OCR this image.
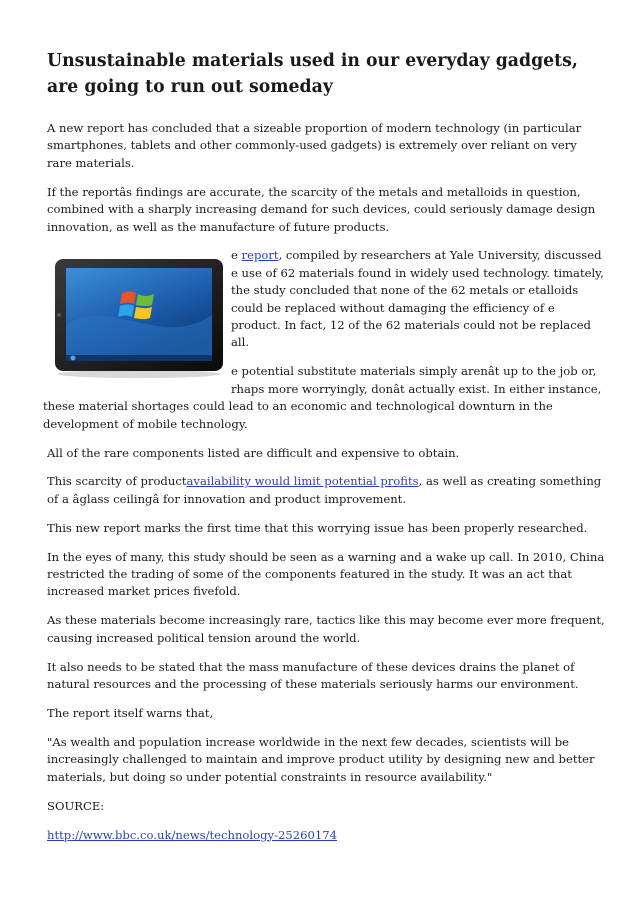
Unsustainable materials used in our everyday gadgets, are going to run out someday

A new report has concluded that a sizeable proportion of modern technology (in particular smartphones, tablets and other commonly-used gadgets) is extremely over reliant on very rare materials.

If the reportâs findings are accurate, the scarcity of the metals and metalloids in question, combined with a sharply increasing demand for such devices, could seriously damage design innovation, as well as the manufacture of future products.

e report, compiled by researchers at Yale University, discussed e use of 62 materials found in widely used technology. timately, the study concluded that none of the 62 metals or etalloids could be replaced without damaging the efficiency of e product. In fact, 12 of the 62 materials could not be replaced all.

e potential substitute materials simply arenât up to the job or, rhaps more worryingly, donât actually exist. In either instance, these material shortages could lead to an economic and technological downturn in the development of mobile technology.

All of the rare components listed are difficult and expensive to obtain.

This scarcity of productavailability would limit potential profits, as well as creating something of a âglass ceilingâ for innovation and product improvement.

This new report marks the first time that this worrying issue has been properly researched.

In the eyes of many, this study should be seen as a warning and a wake up call. In 2010, China restricted the trading of some of the components featured in the study. It was an act that increased market prices fivefold.

As these materials become increasingly rare, tactics like this may become ever more frequent, causing increased political tension around the world.

It also needs to be stated that the mass manufacture of these devices drains the planet of natural resources and the processing of these materials seriously harms our environment.

The report itself warns that,

"As wealth and population increase worldwide in the next few decades, scientists will be increasingly challenged to maintain and improve product utility by designing new and better materials, but doing so under potential constraints in resource availability."

SOURCE:

http://www.bbc.co.uk/news/technology-25260174
